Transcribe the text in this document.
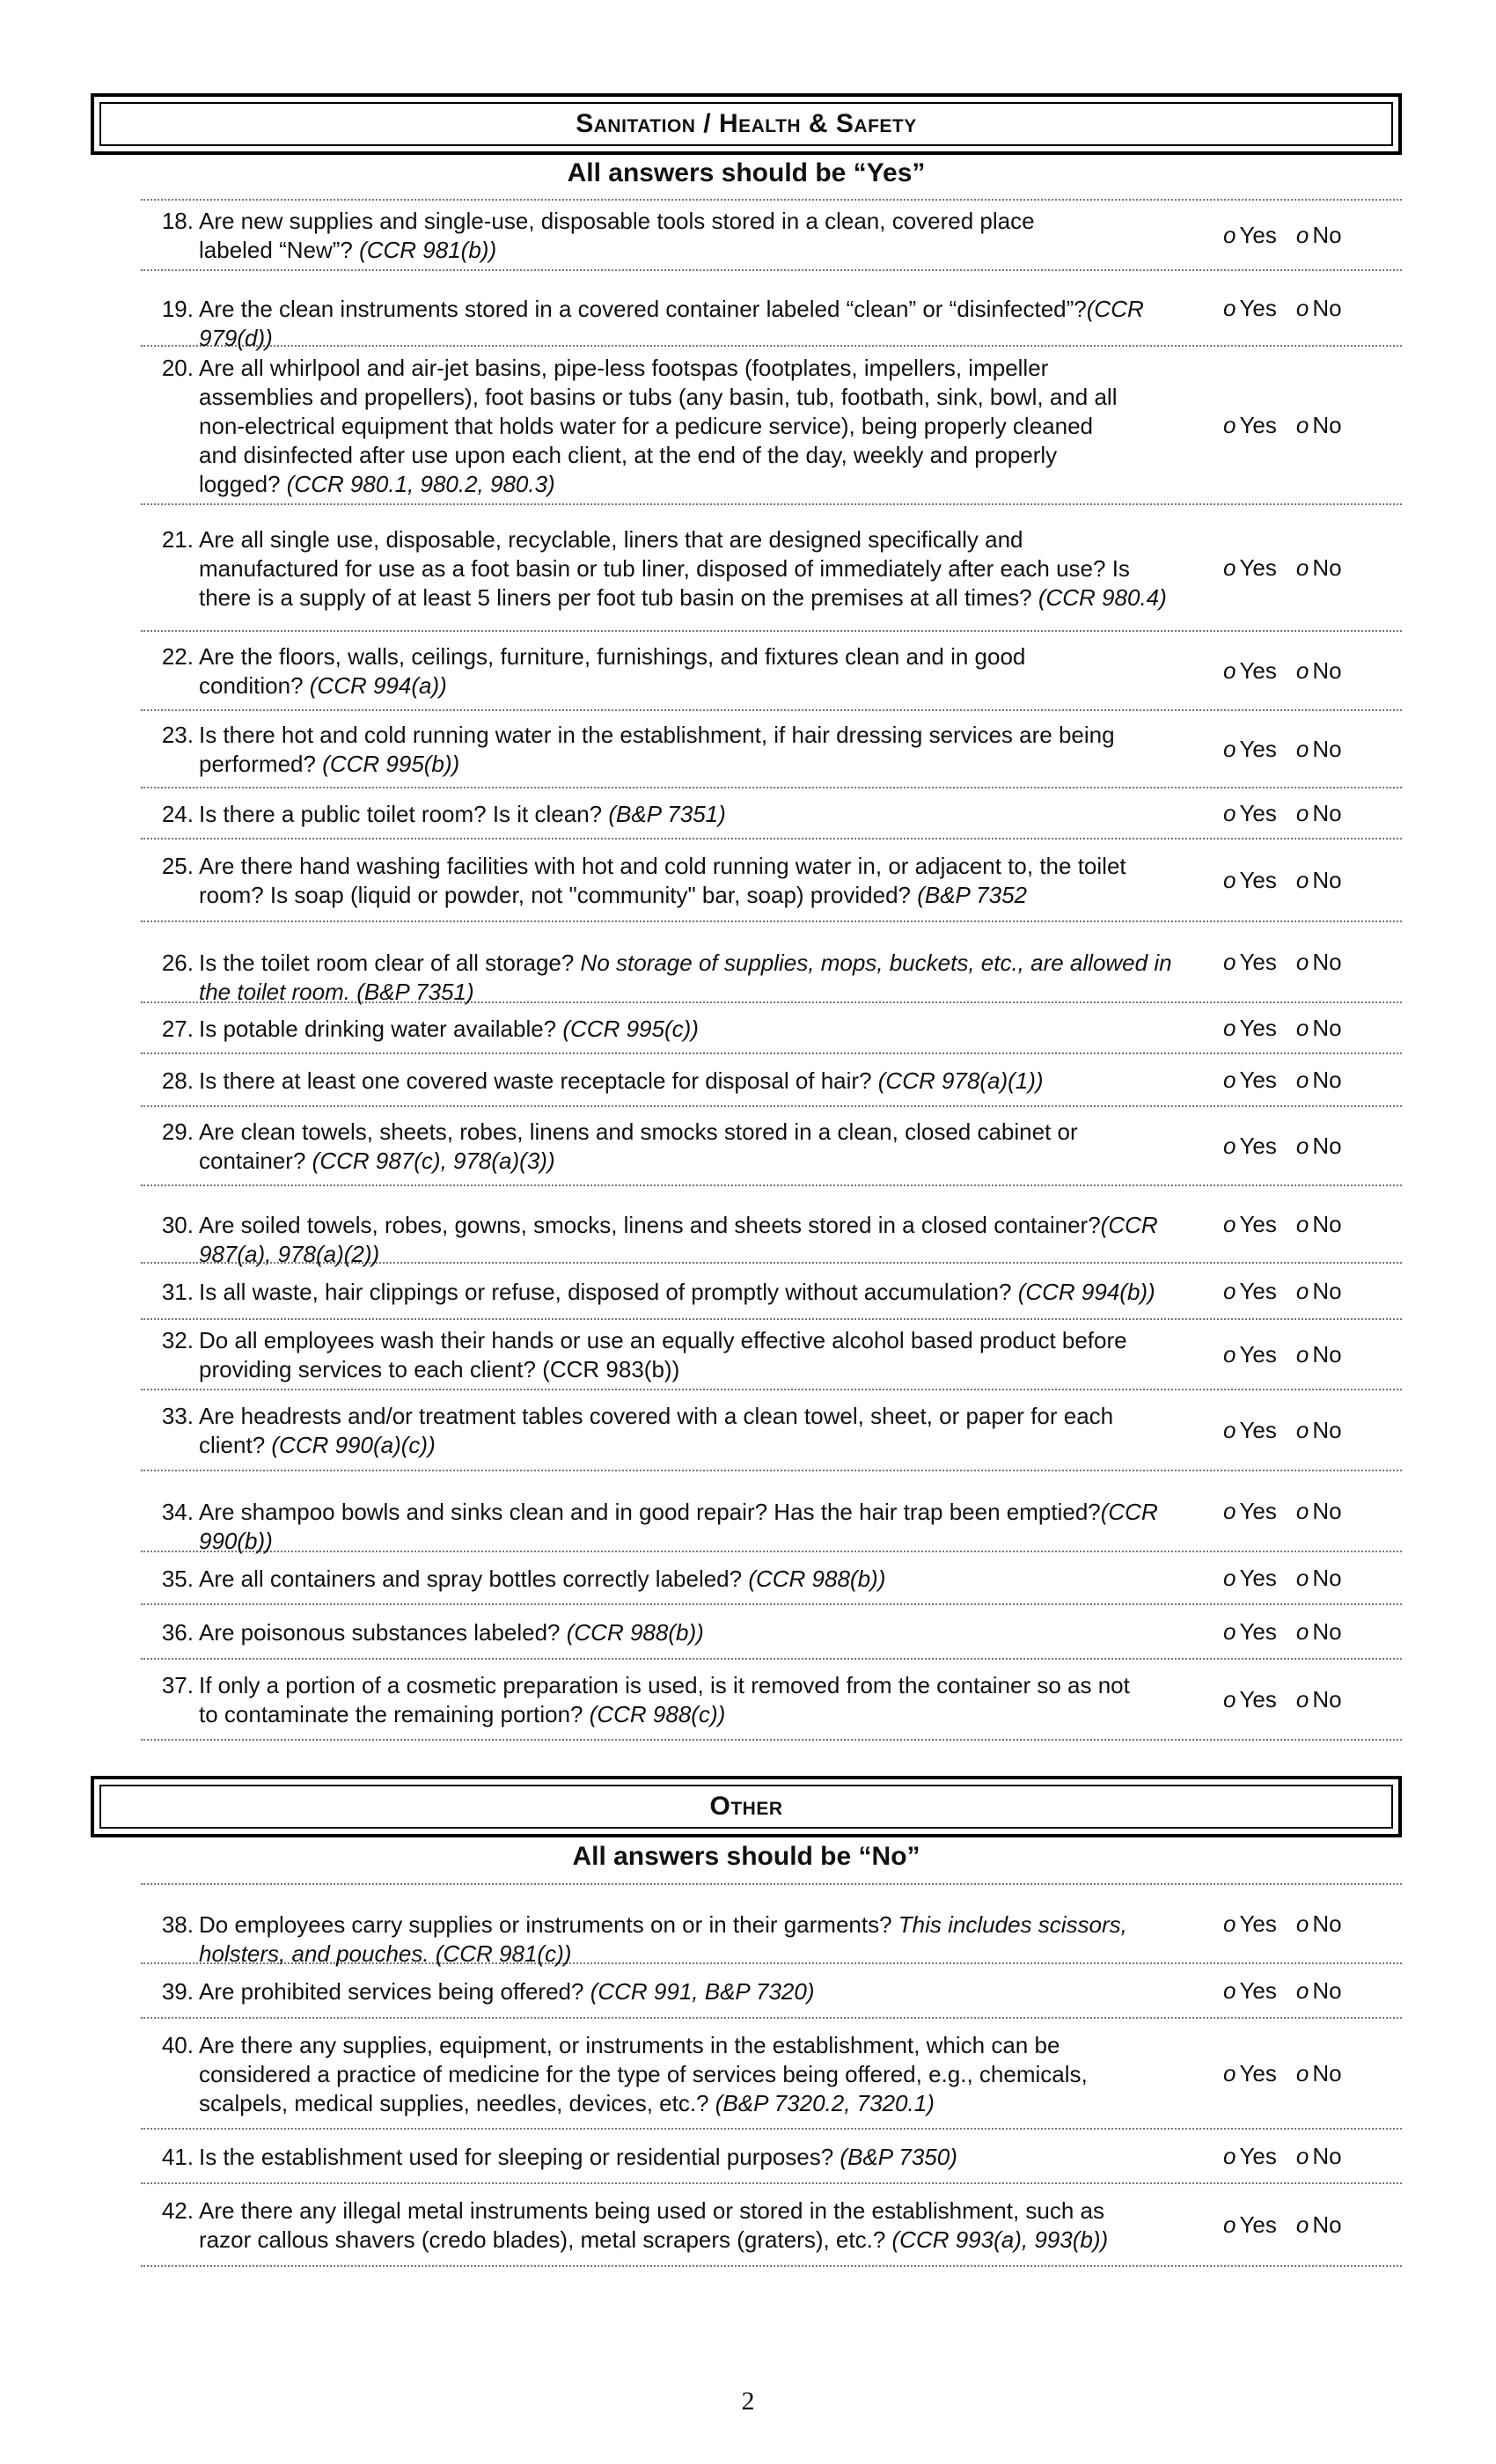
Sanitation / Health & Safety
All answers should be “Yes”
18. Are new supplies and single-use, disposable tools stored in a clean, covered place
labeled “New”? (CCR 981(b))
o Yes o No
19. Are the clean instruments stored in a covered container labeled “clean” or “disinfected”?(CCR 979(d))
o Yes o No
20. Are all whirlpool and air-jet basins, pipe-less footspas (footplates, impellers, impeller
assemblies and propellers), foot basins or tubs (any basin, tub, footbath, sink, bowl, and all
non-electrical equipment that holds water for a pedicure service), being properly cleaned
and disinfected after use upon each client, at the end of the day, weekly and properly
logged? (CCR 980.1, 980.2, 980.3)
o Yes o No
21. Are all single use, disposable, recyclable, liners that are designed specifically and
manufactured for use as a foot basin or tub liner, disposed of immediately after each use? Is
there is a supply of at least 5 liners per foot tub basin on the premises at all times? (CCR 980.4)
o Yes o No
22. Are the floors, walls, ceilings, furniture, furnishings, and fixtures clean and in good
condition? (CCR 994(a))
o Yes o No
23. Is there hot and cold running water in the establishment, if hair dressing services are being
performed? (CCR 995(b))
o Yes o No
24. Is there a public toilet room? Is it clean? (B&P 7351)	o Yes o No
25. Are there hand washing facilities with hot and cold running water in, or adjacent to, the toilet
room? Is soap (liquid or powder, not "community" bar, soap) provided? (B&P 7352
o Yes o No
26. Is the toilet room clear of all storage? No storage of supplies, mops, buckets, etc., are allowed in the toilet room. (B&P 7351)
o Yes o No
27. Is potable drinking water available? (CCR 995(c))	o Yes o No
28. Is there at least one covered waste receptacle for disposal of hair? (CCR 978(a)(1))	o Yes o No
29. Are clean towels, sheets, robes, linens and smocks stored in a clean, closed cabinet or
container? (CCR 987(c), 978(a)(3))
o Yes o No
30. Are soiled towels, robes, gowns, smocks, linens and sheets stored in a closed container?(CCR 987(a), 978(a)(2))
o Yes o No
31. Is all waste, hair clippings or refuse, disposed of promptly without accumulation? (CCR 994(b))	o Yes o No
32. Do all employees wash their hands or use an equally effective alcohol based product before
providing services to each client? (CCR 983(b))
o Yes o No
33. Are headrests and/or treatment tables covered with a clean towel, sheet, or paper for each
client? (CCR 990(a)(c))
o Yes o No
34. Are shampoo bowls and sinks clean and in good repair? Has the hair trap been emptied?(CCR 990(b))
o Yes o No
35. Are all containers and spray bottles correctly labeled? (CCR 988(b))	o Yes o No
36. Are poisonous substances labeled? (CCR 988(b))	o Yes o No
37. If only a portion of a cosmetic preparation is used, is it removed from the container so as not
to contaminate the remaining portion? (CCR 988(c))
o Yes o No
Other
All answers should be “No”
38. Do employees carry supplies or instruments on or in their garments? This includes scissors, holsters, and pouches. (CCR 981(c))
o Yes o No
39. Are prohibited services being offered? (CCR 991, B&P 7320)	o Yes o No
40. Are there any supplies, equipment, or instruments in the establishment, which can be
considered a practice of medicine for the type of services being offered, e.g., chemicals,
scalpels, medical supplies, needles, devices, etc.? (B&P 7320.2, 7320.1)
o Yes o No
41. Is the establishment used for sleeping or residential purposes? (B&P 7350)	o Yes o No
42. Are there any illegal metal instruments being used or stored in the establishment, such as
razor callous shavers (credo blades), metal scrapers (graters), etc.? (CCR 993(a), 993(b))
o Yes o No
2
